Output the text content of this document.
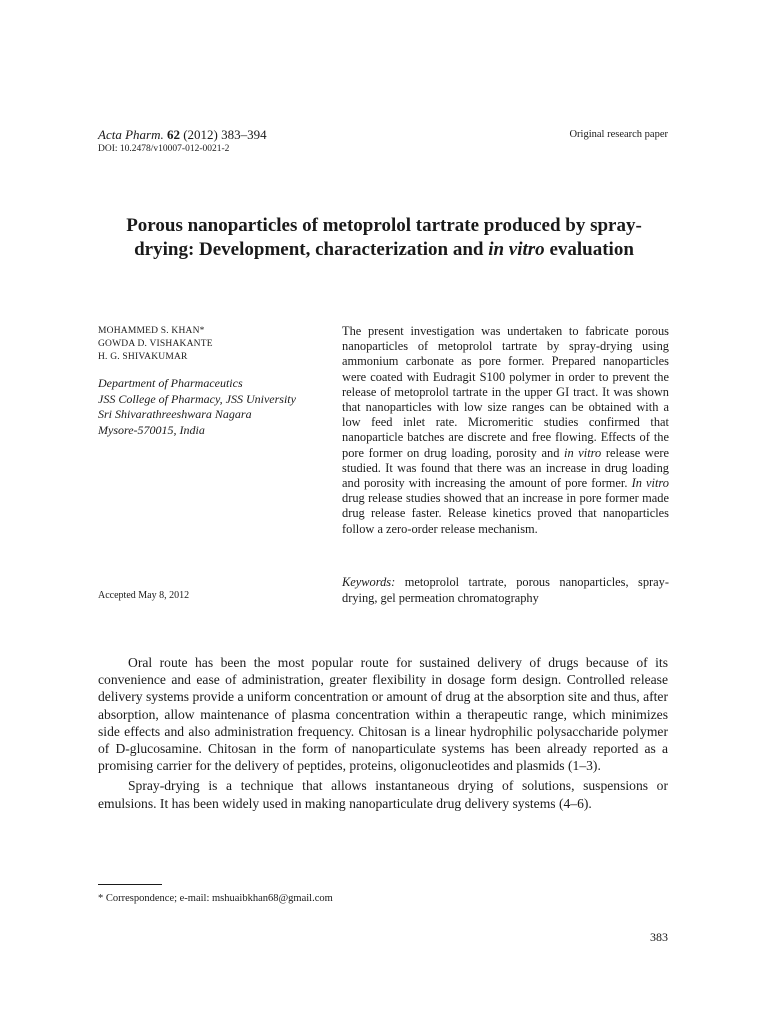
Acta Pharm. 62 (2012) 383–394
DOI: 10.2478/v10007-012-0021-2
Original research paper
Porous nanoparticles of metoprolol tartrate produced by spray-drying: Development, characterization and in vitro evaluation
MOHAMMED S. KHAN*
GOWDA D. VISHAKANTE
H. G. SHIVAKUMAR
Department of Pharmaceutics
JSS College of Pharmacy, JSS University
Sri Shivarathreeshwara Nagara
Mysore-570015, India
Accepted May 8, 2012
The present investigation was undertaken to fabricate porous nanoparticles of metoprolol tartrate by spray-drying using ammonium carbonate as pore former. Prepared nanoparticles were coated with Eudragit S100 polymer in order to prevent the release of metoprolol tartrate in the upper GI tract. It was shown that nanoparticles with low size ranges can be obtained with a low feed inlet rate. Micromeritic studies confirmed that nanoparticle batches are discrete and free flowing. Effects of the pore former on drug loading, porosity and in vitro release were studied. It was found that there was an increase in drug loading and porosity with increasing the amount of pore former. In vitro drug release studies showed that an increase in pore former made drug release faster. Release kinetics proved that nanoparticles follow a zero-order release mechanism.
Keywords: metoprolol tartrate, porous nanoparticles, spray-drying, gel permeation chromatography

Oral route has been the most popular route for sustained delivery of drugs because of its convenience and ease of administration, greater flexibility in dosage form design. Controlled release delivery systems provide a uniform concentration or amount of drug at the absorption site and thus, after absorption, allow maintenance of plasma concentration within a therapeutic range, which minimizes side effects and also administration frequency. Chitosan is a linear hydrophilic polysaccharide polymer of D-glucosamine. Chitosan in the form of nanoparticulate systems has been already reported as a promising carrier for the delivery of peptides, proteins, oligonucleotides and plasmids (1–3).

Spray-drying is a technique that allows instantaneous drying of solutions, suspensions or emulsions. It has been widely used in making nanoparticulate drug delivery systems (4–6).

* Correspondence; e-mail: mshuaibkhan68@gmail.com
383
